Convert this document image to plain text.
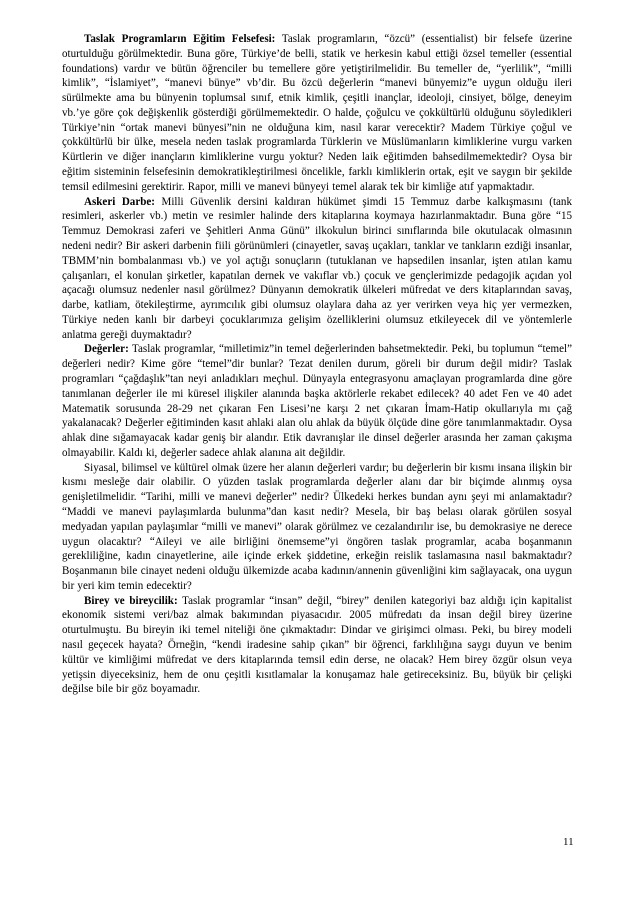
Taslak Programların Eğitim Felsefesi: Taslak programların, “özcü” (essentialist) bir felsefe üzerine oturtulduğu görülmektedir. Buna göre, Türkiye’de belli, statik ve herkesin kabul ettiği özsel temeller (essential foundations) vardır ve bütün öğrenciler bu temellere göre yetiştirilmelidir. Bu temeller de, “yerlilik”, “milli kimlik”, “İslamiyet”, “manevi bünye” vb’dir. Bu özcü değerlerin “manevi bünyemiz”e uygun olduğu ileri sürülmekte ama bu bünyenin toplumsal sınıf, etnik kimlik, çeşitli inançlar, ideoloji, cinsiyet, bölge, deneyim vb.’ye göre çok değişkenlik gösterdiği görülmemektedir. O halde, çoğulcu ve çokkültürlü olduğunu söyledikleri Türkiye’nin “ortak manevi bünyesi”nin ne olduğuna kim, nasıl karar verecektir? Madem Türkiye çoğul ve çokkültürlü bir ülke, mesela neden taslak programlarda Türklerin ve Müslümanların kimliklerine vurgu varken Kürtlerin ve diğer inançların kimliklerine vurgu yoktur? Neden laik eğitimden bahsedilmemektedir? Oysa bir eğitim sisteminin felsefesinin demokratikleştirilmesi öncelikle, farklı kimliklerin ortak, eşit ve saygın bir şekilde temsil edilmesini gerektirir. Rapor, milli ve manevi bünyeyi temel alarak tek bir kimliğe atıf yapmaktadır.

Askeri Darbe: Milli Güvenlik dersini kaldıran hükümet şimdi 15 Temmuz darbe kalkışmasını (tank resimleri, askerler vb.) metin ve resimler halinde ders kitaplarına koymaya hazırlanmaktadır. Buna göre “15 Temmuz Demokrasi zaferi ve Şehitleri Anma Günü” ilkokulun birinci sınıflarında bile okutulacak olmasının nedeni nedir? Bir askeri darbenin fiili görünümleri (cinayetler, savaş uçakları, tanklar ve tankların ezdiği insanlar, TBMM’nin bombalanması vb.) ve yol açtığı sonuçların (tutuklanan ve hapsedilen insanlar, işten atılan kamu çalışanları, el konulan şirketler, kapatılan dernek ve vakıflar vb.) çocuk ve gençlerimizde pedagojik açıdan yol açacağı olumsuz nedenler nasıl görülmez? Dünyanın demokratik ülkeleri müfredat ve ders kitaplarından savaş, darbe, katliam, ötekileştirme, ayrımcılık gibi olumsuz olaylara daha az yer verirken veya hiç yer vermezken, Türkiye neden kanlı bir darbeyi çocuklarımıza gelişim özelliklerini olumsuz etkileyecek dil ve yöntemlerle anlatma gereği duymaktadır?

Değerler: Taslak programlar, “milletimiz”in temel değerlerinden bahsetmektedir. Peki, bu toplumun “temel” değerleri nedir? Kime göre “temel”dir bunlar? Tezat denilen durum, göreli bir durum değil midir? Taslak programları “çağdaşlık”tan neyi anladıkları meçhul. Dünyayla entegrasyonu amaçlayan programlarda dine göre tanımlanan değerler ile mi küresel ilişkiler alanında başka aktörlerle rekabet edilecek? 40 adet Fen ve 40 adet Matematik sorusunda 28-29 net çıkaran Fen Lisesi’ne karşı 2 net çıkaran İmam-Hatip okullarıyla mı çağ yakalanacak? Değerler eğitiminden kasıt ahlaki alan olu ahlak da büyük ölçüde dine göre tanımlanmaktadır. Oysa ahlak dine sığamayacak kadar geniş bir alandır. Etik davranışlar ile dinsel değerler arasında her zaman çakışma olmayabilir. Kaldı ki, değerler sadece ahlak alanına ait değildir.

Siyasal, bilimsel ve kültürel olmak üzere her alanın değerleri vardır; bu değerlerin bir kısmı insana ilişkin bir kısmı mesleğe dair olabilir. O yüzden taslak programlarda değerler alanı dar bir biçimde alınmış oysa genişletilmelidir. “Tarihi, milli ve manevi değerler” nedir? Ülkedeki herkes bundan aynı şeyi mi anlamaktadır? “Maddi ve manevi paylaşımlarda bulunma”dan kasıt nedir? Mesela, bir baş belası olarak görülen sosyal medyadan yapılan paylaşımlar “milli ve manevi” olarak görülmez ve cezalandırılır ise, bu demokrasiye ne derece uygun olacaktır? “Aileyi ve aile birliğini önemseme”yi öngören taslak programlar, acaba boşanmanın gerekliliğine, kadın cinayetlerine, aile içinde erkek şiddetine, erkeğin reislik taslamasına nasıl bakmaktadır? Boşanmanın bile cinayet nedeni olduğu ülkemizde acaba kadının/annenin güvenliğini kim sağlayacak, ona uygun bir yeri kim temin edecektir?

Birey ve bireycilik: Taslak programlar “insan” değil, “birey” denilen kategoriyi baz aldığı için kapitalist ekonomik sistemi veri/baz almak bakımından piyasacıdır. 2005 müfredatı da insan değil birey üzerine oturtulmuştu. Bu bireyin iki temel niteliği öne çıkmaktadır: Dindar ve girişimci olması. Peki, bu birey modeli nasıl geçecek hayata? Örneğin, “kendi iradesine sahip çıkan” bir öğrenci, farklılığına saygı duyun ve benim kültür ve kimliğimi müfredat ve ders kitaplarında temsil edin derse, ne olacak? Hem birey özgür olsun veya yetişsin diyeceksiniz, hem de onu çeşitli kısıtlamalar la konuşamaz hale getireceksiniz. Bu, büyük bir çelişki değilse bile bir göz boyamadır.

11
